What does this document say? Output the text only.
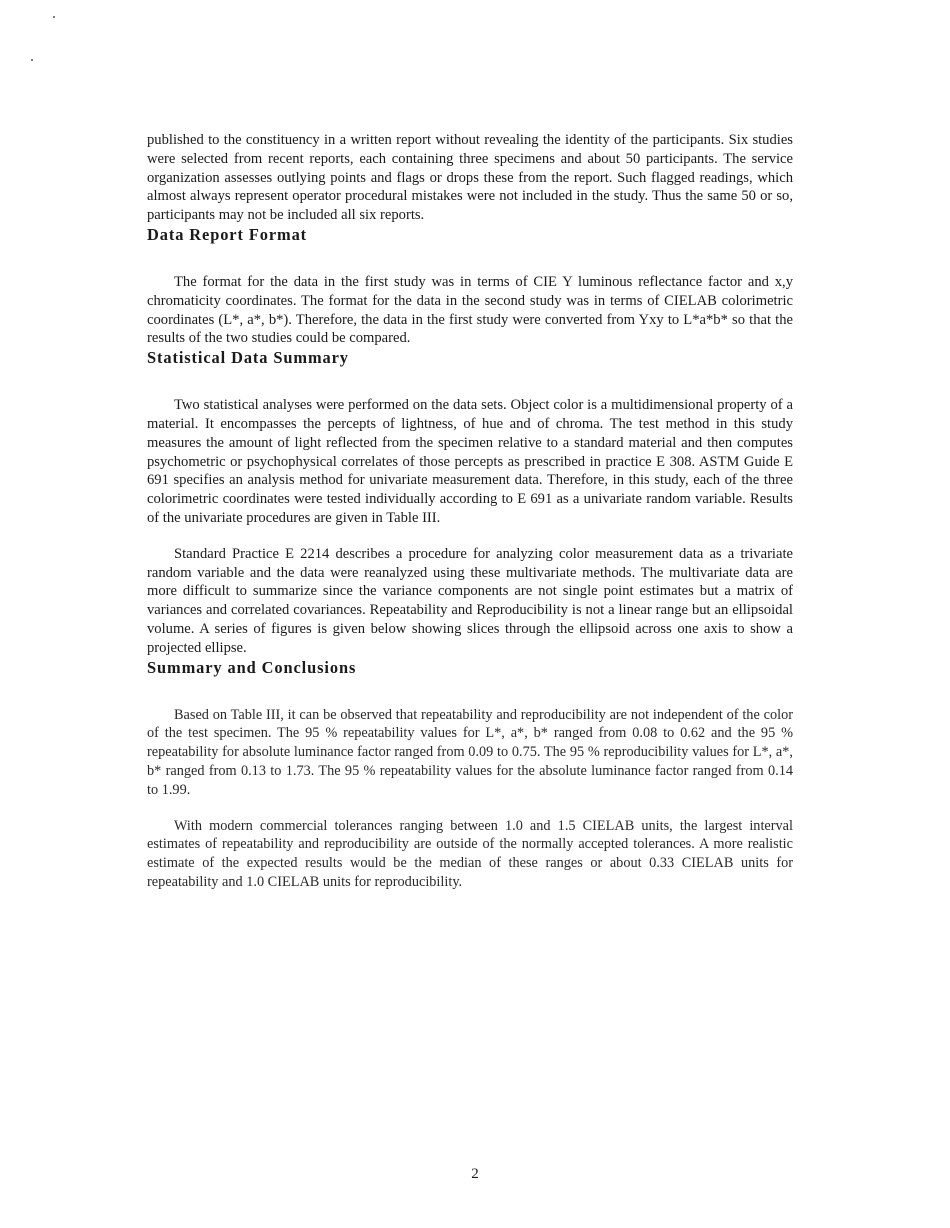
published to the constituency in a written report without revealing the identity of the participants. Six studies were selected from recent reports, each containing three specimens and about 50 participants. The service organization assesses outlying points and flags or drops these from the report. Such flagged readings, which almost always represent operator procedural mistakes were not included in the study. Thus the same 50 or so, participants may not be included all six reports.

Data Report Format

The format for the data in the first study was in terms of CIE Y luminous reflectance factor and x,y chromaticity coordinates. The format for the data in the second study was in terms of CIELAB colorimetric coordinates (L*, a*, b*). Therefore, the data in the first study were converted from Yxy to L*a*b* so that the results of the two studies could be compared.

Statistical Data Summary

Two statistical analyses were performed on the data sets. Object color is a multidimensional property of a material. It encompasses the percepts of lightness, of hue and of chroma. The test method in this study measures the amount of light reflected from the specimen relative to a standard material and then computes psychometric or psychophysical correlates of those percepts as prescribed in practice E 308. ASTM Guide E 691 specifies an analysis method for univariate measurement data. Therefore, in this study, each of the three colorimetric coordinates were tested individually according to E 691 as a univariate random variable. Results of the univariate procedures are given in Table III.

Standard Practice E 2214 describes a procedure for analyzing color measurement data as a trivariate random variable and the data were reanalyzed using these multivariate methods. The multivariate data are more difficult to summarize since the variance components are not single point estimates but a matrix of variances and correlated covariances. Repeatability and Reproducibility is not a linear range but an ellipsoidal volume. A series of figures is given below showing slices through the ellipsoid across one axis to show a projected ellipse.

Summary and Conclusions

Based on Table III, it can be observed that repeatability and reproducibility are not independent of the color of the test specimen. The 95 % repeatability values for L*, a*, b* ranged from 0.08 to 0.62 and the 95 % repeatability for absolute luminance factor ranged from 0.09 to 0.75. The 95 % reproducibility values for L*, a*, b* ranged from 0.13 to 1.73. The 95 % repeatability values for the absolute luminance factor ranged from 0.14 to 1.99.

With modern commercial tolerances ranging between 1.0 and 1.5 CIELAB units, the largest interval estimates of repeatability and reproducibility are outside of the normally accepted tolerances. A more realistic estimate of the expected results would be the median of these ranges or about 0.33 CIELAB units for repeatability and 1.0 CIELAB units for reproducibility.

2
